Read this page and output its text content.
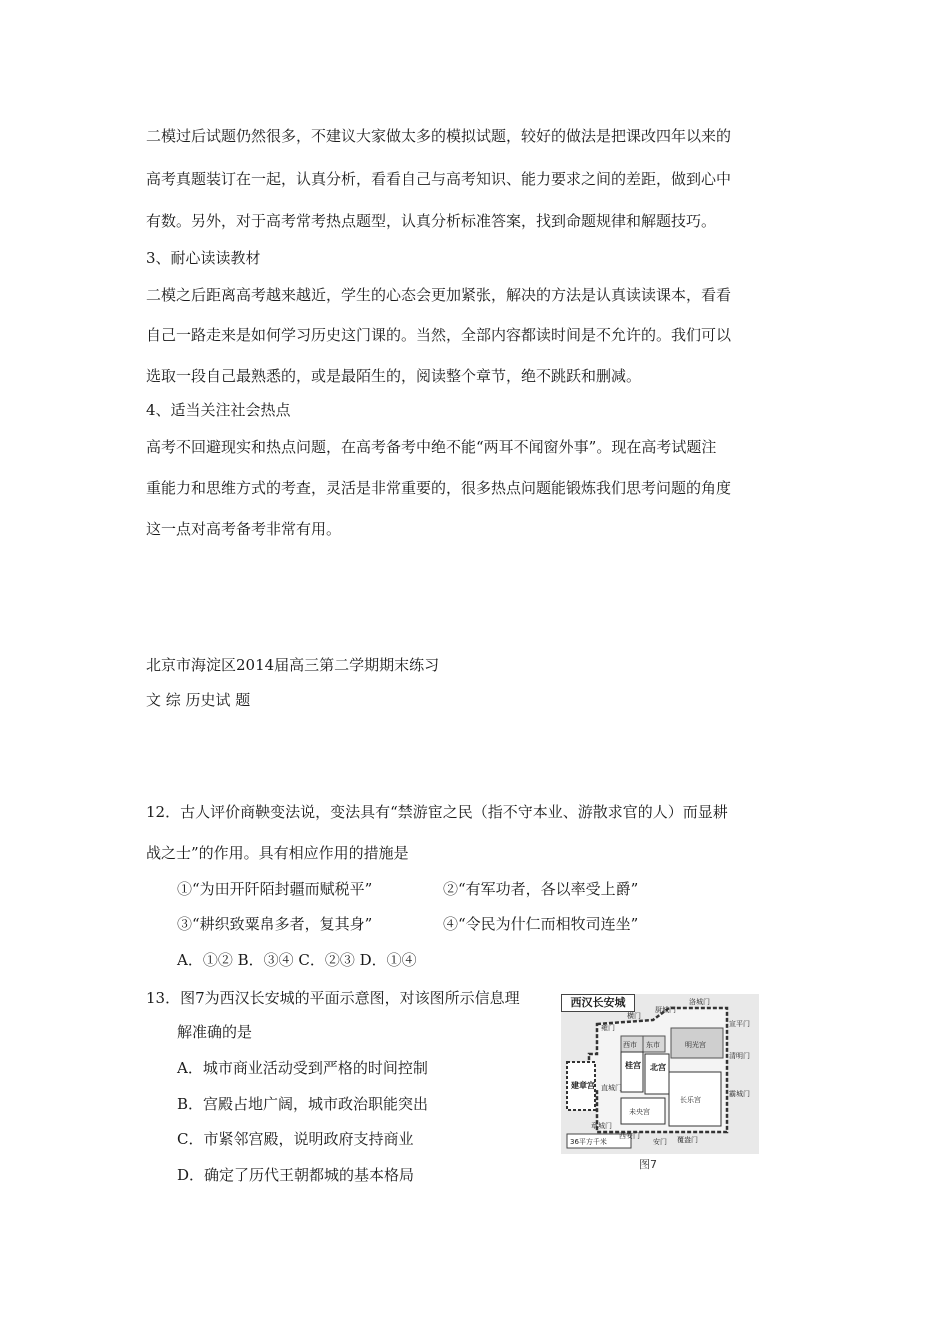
二模过后试题仍然很多，不建议大家做太多的模拟试题，较好的做法是把课改四年以来的
高考真题装订在一起，认真分析，看看自己与高考知识、能力要求之间的差距，做到心中
有数。另外，对于高考常考热点题型，认真分析标准答案，找到命题规律和解题技巧。
3、耐心读读教材
二模之后距离高考越来越近，学生的心态会更加紧张，解决的方法是认真读读课本，看看
自己一路走来是如何学习历史这门课的。当然，全部内容都读时间是不允许的。我们可以
选取一段自己最熟悉的，或是最陌生的，阅读整个章节，绝不跳跃和删减。
4、适当关注社会热点
高考不回避现实和热点问题，在高考备考中绝不能“两耳不闻窗外事”。现在高考试题注
重能力和思维方式的考查，灵活是非常重要的，很多热点问题能锻炼我们思考问题的角度
这一点对高考备考非常有用。
北京市海淀区2014届高三第二学期期末练习
文 综 历史试 题
12．古人评价商鞅变法说，变法具有“禁游宦之民（指不守本业、游散求官的人）而显耕
战之士”的作用。具有相应作用的措施是
①“为田开阡陌封疆而赋税平”	②“有军功者，各以率受上爵”
③“耕织致粟帛多者，复其身”	④“令民为什仁而相牧司连坐”
A．①② B．③④ C．②③ D．①④
13．图7为西汉长安城的平面示意图，对该图所示信息理
解准确的是
A．城市商业活动受到严格的时间控制
B．宫殿占地广阔，城市政治职能突出
C．市紧邻宫殿，说明政府支持商业
D．确定了历代王朝都城的基本格局
西市 东市
桂宫 北宫
明光宫
长乐宫
未央宫
建章宫
36平方千米	安门
西安门	覆盎门
章城门
直城门
雍门
横门
厨城门
洛城门
宣平门
清明门
霸城门
西汉长安城
图7
